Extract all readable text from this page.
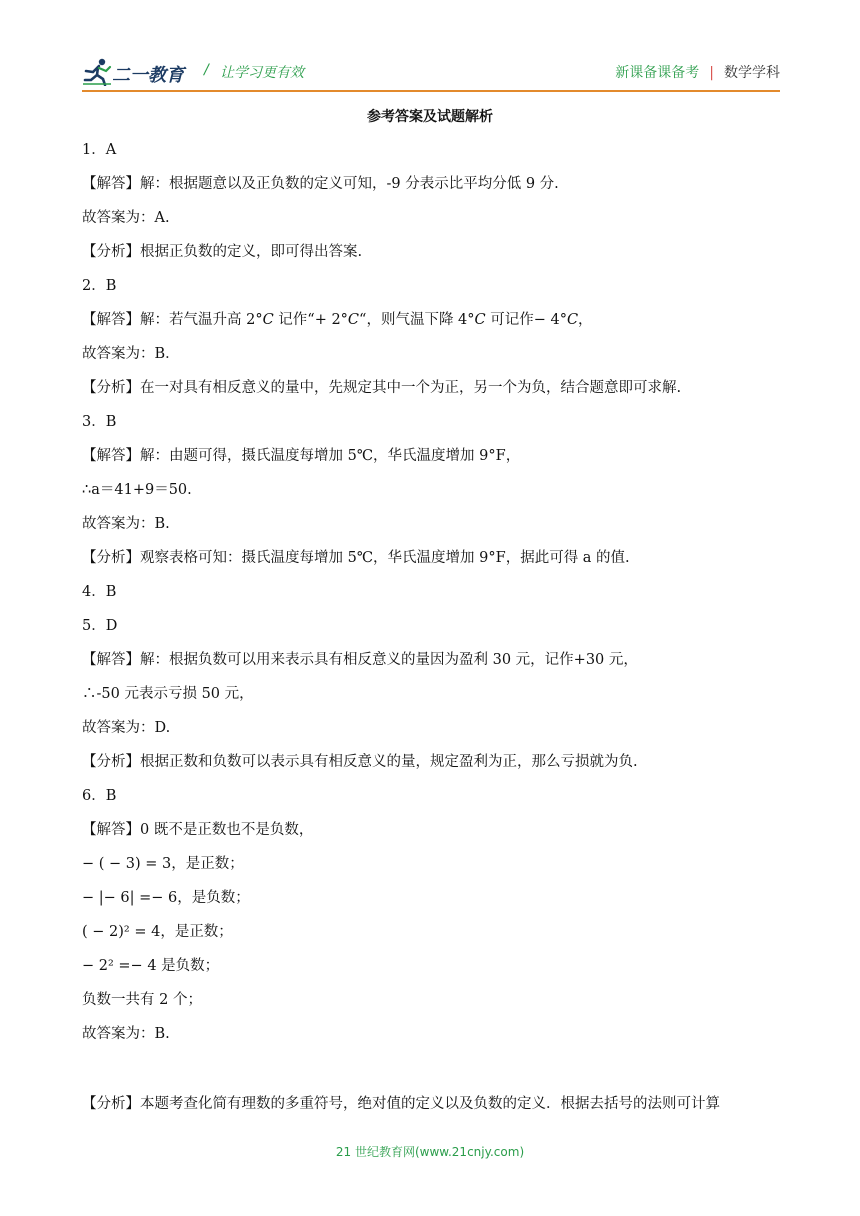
二一教育 / 让学习更有效	新课备课备考 | 数学学科
参考答案及试题解析
1．A
【解答】解：根据题意以及正负数的定义可知，-9 分表示比平均分低 9 分.
故答案为：A.
【分析】根据正负数的定义，即可得出答案.
2．B
【解答】解：若气温升高 2°𝐶 记作“+ 2°𝐶“，则气温下降 4°𝐶 可记作− 4°𝐶，
故答案为：B．
【分析】在一对具有相反意义的量中，先规定其中一个为正，另一个为负，结合题意即可求解.
3．B
【解答】解：由题可得，摄氏温度每增加 5℃，华氏温度增加 9°F，
∴a＝41+9＝50.
故答案为：B.
【分析】观察表格可知：摄氏温度每增加 5℃，华氏温度增加 9°F，据此可得 a 的值.
4．B
5．D
【解答】解：根据负数可以用来表示具有相反意义的量因为盈利 30 元，记作+30 元，
∴-50 元表示亏损 50 元，
故答案为：D.
【分析】根据正数和负数可以表示具有相反意义的量，规定盈利为正，那么亏损就为负.
6．B
【解答】0 既不是正数也不是负数，
− ( − 3) = 3，是正数；
− |− 6| =− 6，是负数；
( − 2)² = 4，是正数；
− 2² =− 4 是负数；
负数一共有 2 个；
故答案为：B.
【分析】本题考查化简有理数的多重符号，绝对值的定义以及负数的定义．根据去括号的法则可计算
21 世纪教育网(www.21cnjy.com)
